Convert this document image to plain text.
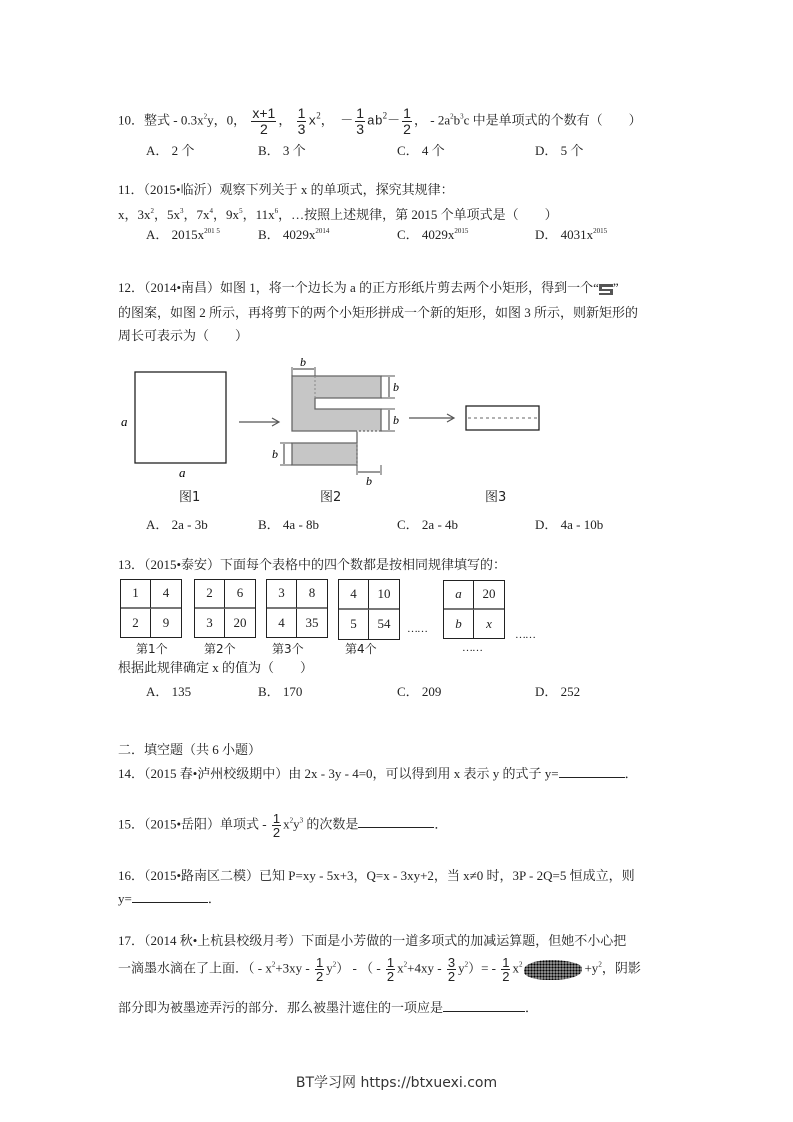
10．整式 - $0.3x^2y$，0， $\frac{x+1}{2}$ ， $\frac{1}{3} x^2$， － $\frac{1}{3} ab^2- \frac{1}{2}$ ， - $2a^2b^3c$ 中是单项式的个数有（　　）
A． 2 个	B． 3 个	C． 4 个	D． 5 个
11．（2015•临沂）观察下列关于 x 的单项式，探究其规律：
x，$3x^2$，$5x^3$，$7x^4$，$9x^5$，$11x^6$，…按照上述规律，第 2015 个单项式是（　　）
A． $2015x^{201 5}$	B． $4029x^{2014}$	C． $4029x^{2015}$	D． $4031x^{2015}$
12．（2014•南昌）如图 1，将一个边长为 a 的正方形纸片剪去两个小矩形，得到一个“ ”
的图案，如图 2 所示，再将剪下的两个小矩形拼成一个新的矩形，如图 3 所示，则新矩形的
周长可表示为（　　）
b
b
b
b
b
a
a
图1	图2	图3
A． 2a - 3b	B． 4a - 8b	C． 2a - 4b	D． 4a - 10b
13．（2015•泰安）下面每个表格中的四个数都是按相同规律填写的：
1	4
2	9
2	6
3	20
3	8
4	35
4	10
5	54	……
a	20
b	x
……
第1个	第2个	第3个	第4个	……
根据此规律确定 x 的值为（　　）
A． 135	B． 170	C． 209	D． 252
二．填空题（共 6 小题）
14．（2015 春•泸州校级期中）由 2x - 3y - 4=0，可以得到用 x 表示 y 的式子 y=	．
15．（2015•岳阳）单项式 - $\frac{1}{2} x^2y^3$ 的次数是	．
16．（2015•路南区二模）已知 P=xy - 5x+3，Q=x - 3xy+2，当 x≠0 时，3P - 2Q=5 恒成立，则
y=	．
17．（2014 秋•上杭县校级月考）下面是小芳做的一道多项式的加减运算题，但她不小心把
一滴墨水滴在了上面．（ - $x^2+3xy - \frac{1}{2} y^2$） - （ - $\frac{1}{2} x^2+4xy - \frac{3}{2} y^2)= - \frac{1}{2} x^2$	$+y^2$，阴影
部分即为被墨迹弄污的部分．那么被墨汁遮住的一项应是	．
BT学习网 https://btxuexi.com
